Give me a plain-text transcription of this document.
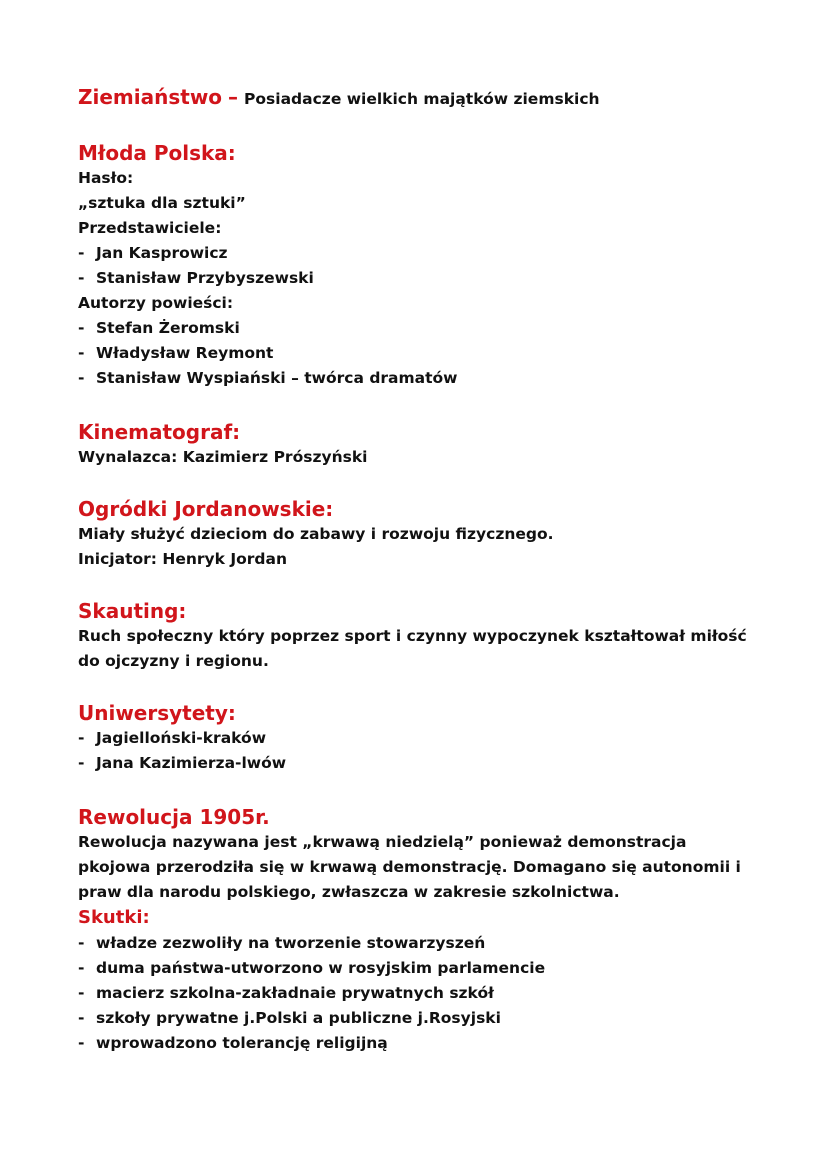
Ziemiaństwo – Posiadacze wielkich majątków ziemskich
Młoda Polska:

Hasło:

„sztuka dla sztuki”

Przedstawiciele:

- Jan Kasprowicz
- Stanisław Przybyszewski

Autorzy powieści:

- Stefan Żeromski
- Władysław Reymont
- Stanisław Wyspiański – twórca dramatów
Kinematograf:

Wynalazca: Kazimierz Prószyński

Ogródki Jordanowskie:

Miały służyć dzieciom do zabawy i rozwoju fizycznego.

Inicjator: Henryk Jordan

Skauting:

Ruch społeczny który poprzez sport i czynny wypoczynek kształtował miłość do ojczyzny i regionu.

Uniwersytety:
- Jagielloński-kraków
- Jana Kazimierza-lwów
Rewolucja 1905r.

Rewolucja nazywana jest „krwawą niedzielą” ponieważ demonstracja pkojowa przerodziła się w krwawą demonstrację. Domagano się autonomii i praw dla narodu polskiego, zwłaszcza w zakresie szkolnictwa.

Skutki:
- władze zezwoliły na tworzenie stowarzyszeń
- duma państwa-utworzono w rosyjskim parlamencie
- macierz szkolna-zakładnaie prywatnych szkół
- szkoły prywatne j.Polski a publiczne j.Rosyjski
- wprowadzono tolerancję religijną
